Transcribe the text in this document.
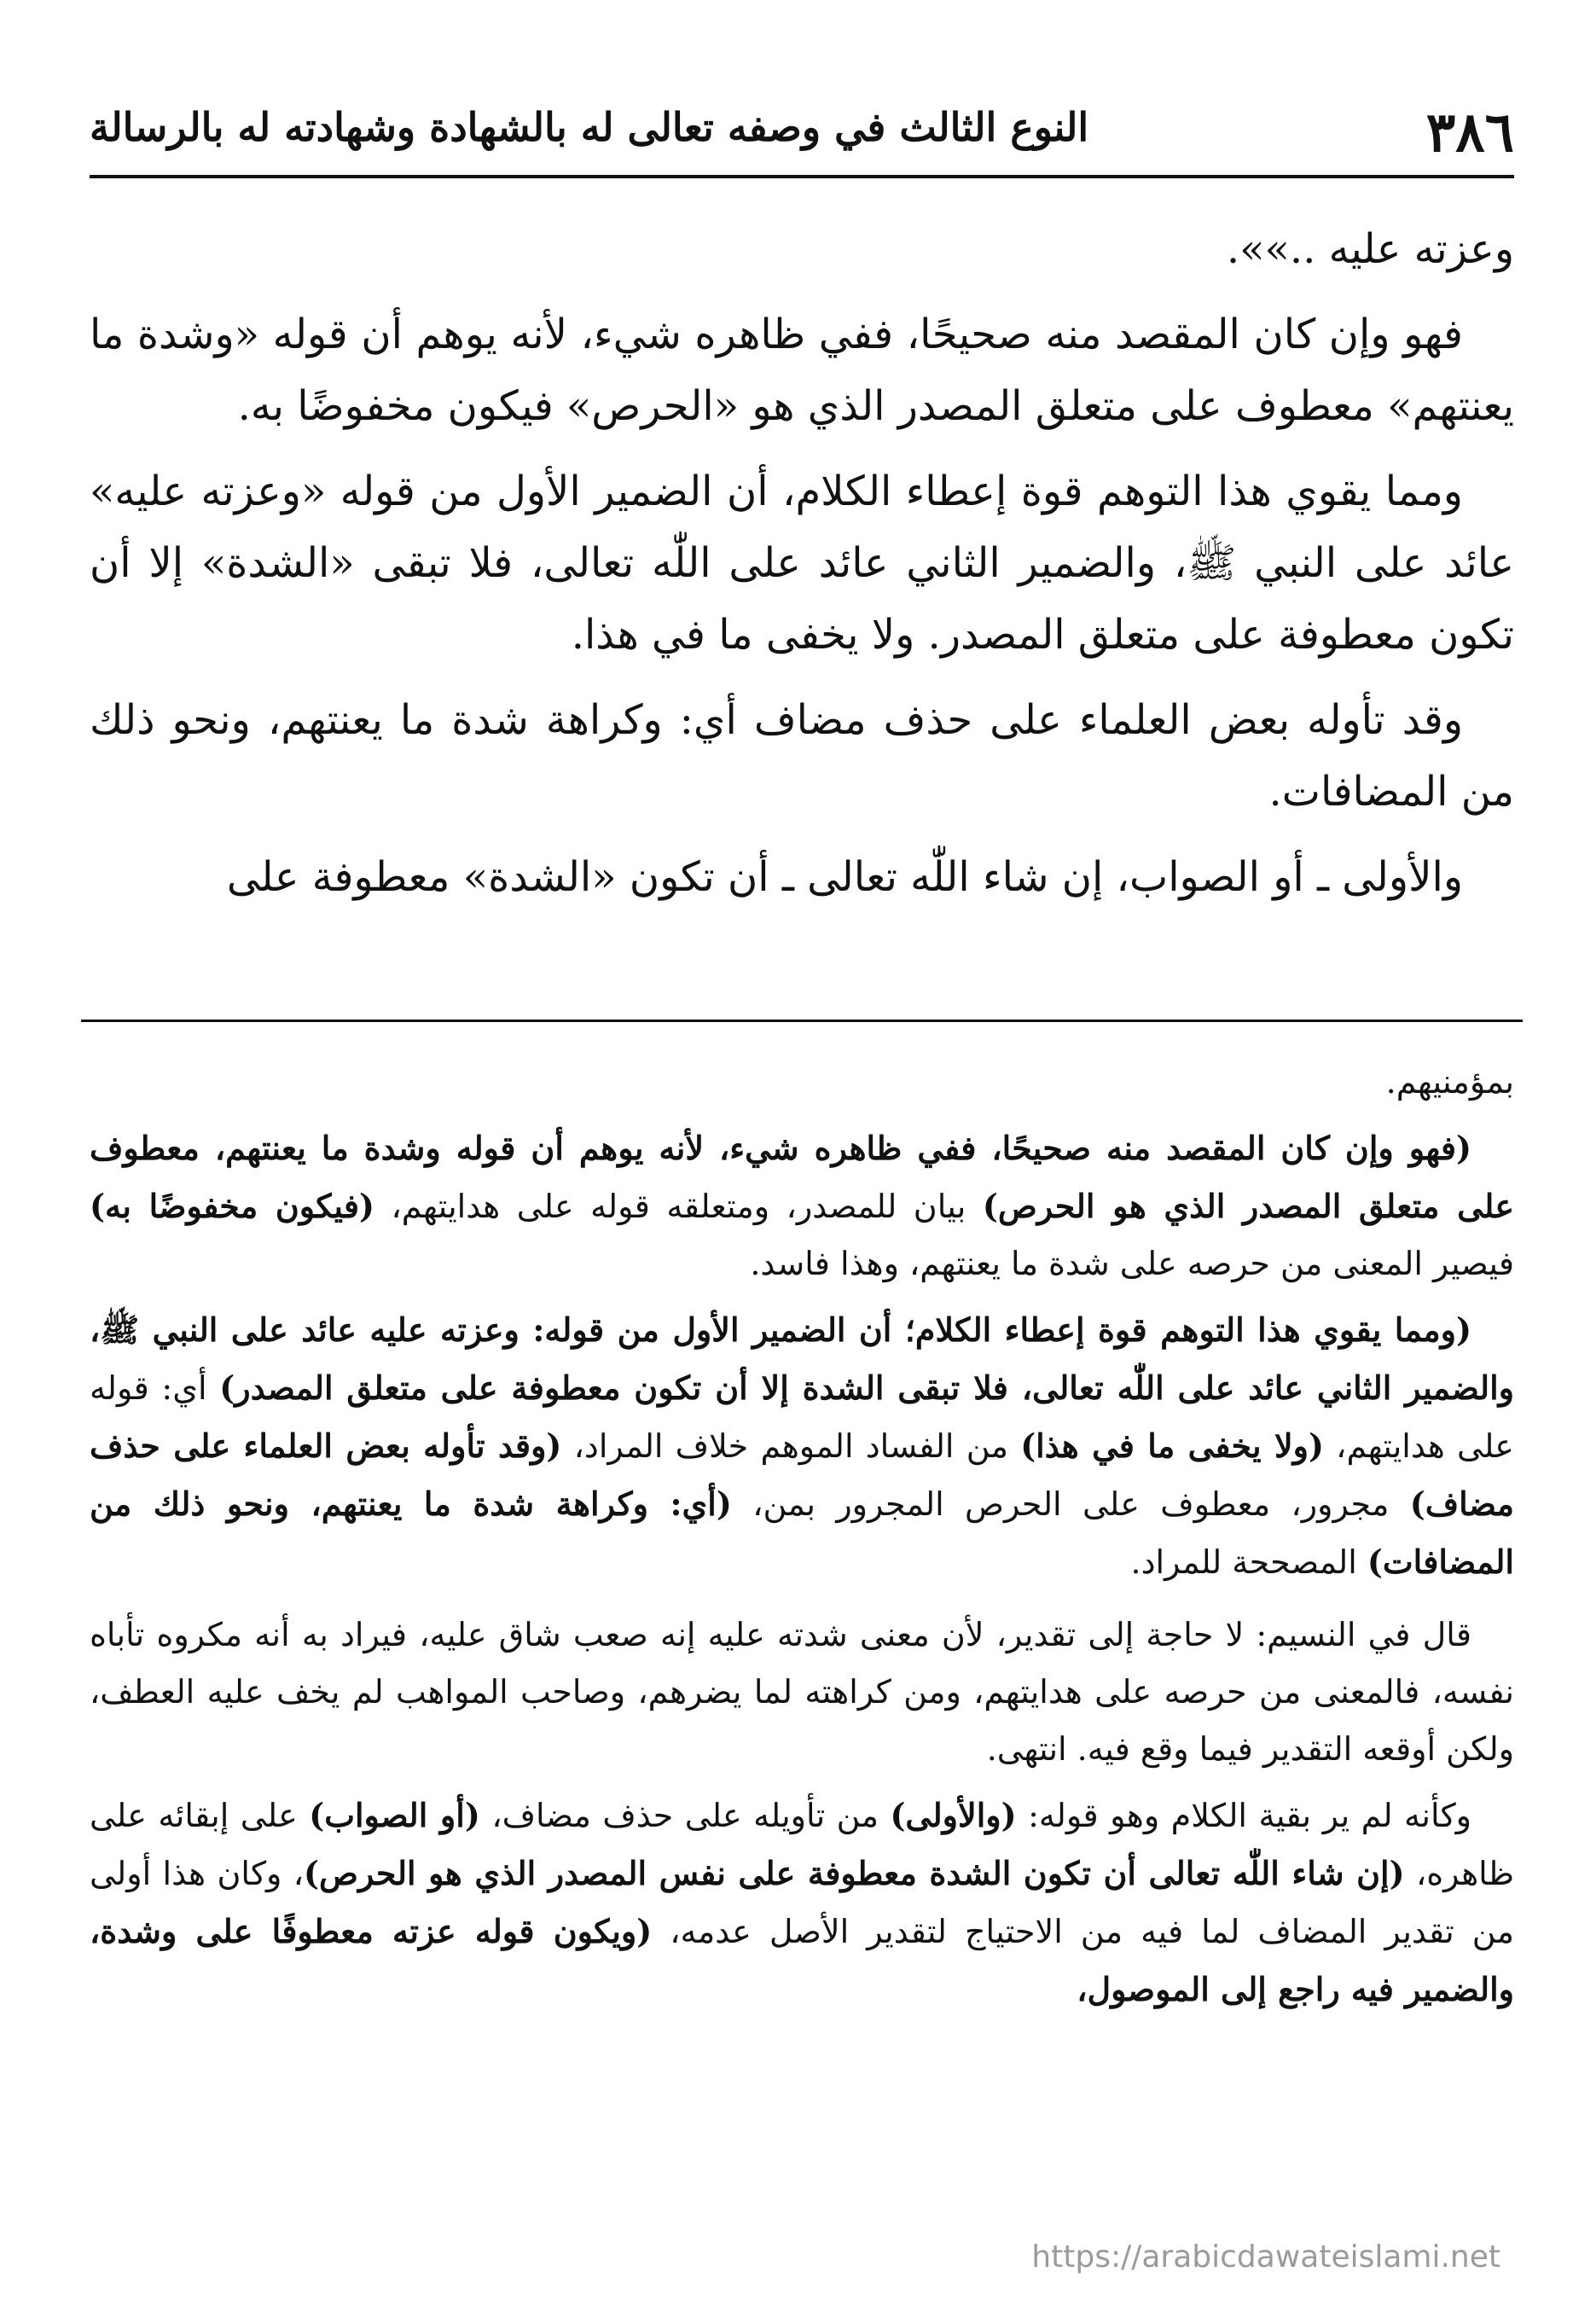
٣٨٦
النوع الثالث في وصفه تعالى له بالشهادة وشهادته له بالرسالة

وعزته عليه ..»».

فهو وإن كان المقصد منه صحيحًا، ففي ظاهره شيء، لأنه يوهم أن قوله «وشدة ما يعنتهم» معطوف على متعلق المصدر الذي هو «الحرص» فيكون مخفوضًا به.

ومما يقوي هذا التوهم قوة إعطاء الكلام، أن الضمير الأول من قوله «وعزته عليه» عائد على النبي ﷺ، والضمير الثاني عائد على اللّٰه تعالى، فلا تبقى «الشدة» إلا أن تكون معطوفة على متعلق المصدر. ولا يخفى ما في هذا.

وقد تأوله بعض العلماء على حذف مضاف أي: وكراهة شدة ما يعنتهم، ونحو ذلك من المضافات.

والأولى ـ أو الصواب، إن شاء اللّٰه تعالى ـ أن تكون «الشدة» معطوفة على

بمؤمنيهم.

(فهو وإن كان المقصد منه صحيحًا، ففي ظاهره شيء، لأنه يوهم أن قوله وشدة ما يعنتهم، معطوف على متعلق المصدر الذي هو الحرص) بيان للمصدر، ومتعلقه قوله على هدايتهم، (فيكون مخفوضًا به) فيصير المعنى من حرصه على شدة ما يعنتهم، وهذا فاسد.

(ومما يقوي هذا التوهم قوة إعطاء الكلام؛ أن الضمير الأول من قوله: وعزته عليه عائد على النبي ﷺ، والضمير الثاني عائد على اللّٰه تعالى، فلا تبقى الشدة إلا أن تكون معطوفة على متعلق المصدر) أي: قوله على هدايتهم، (ولا يخفى ما في هذا) من الفساد الموهم خلاف المراد، (وقد تأوله بعض العلماء على حذف مضاف) مجرور، معطوف على الحرص المجرور بمن، (أي: وكراهة شدة ما يعنتهم، ونحو ذلك من المضافات) المصححة للمراد.

قال في النسيم: لا حاجة إلى تقدير، لأن معنى شدته عليه إنه صعب شاق عليه، فيراد به أنه مكروه تأباه نفسه، فالمعنى من حرصه على هدايتهم، ومن كراهته لما يضرهم، وصاحب المواهب لم يخف عليه العطف، ولكن أوقعه التقدير فيما وقع فيه. انتهى.

وكأنه لم ير بقية الكلام وهو قوله: (والأولى) من تأويله على حذف مضاف، (أو الصواب) على إبقائه على ظاهره، (إن شاء اللّٰه تعالى أن تكون الشدة معطوفة على نفس المصدر الذي هو الحرص)، وكان هذا أولى من تقدير المضاف لما فيه من الاحتياج لتقدير الأصل عدمه، (ويكون قوله عزته معطوفًا على وشدة، والضمير فيه راجع إلى الموصول،

https://arabicdawateislami.net
